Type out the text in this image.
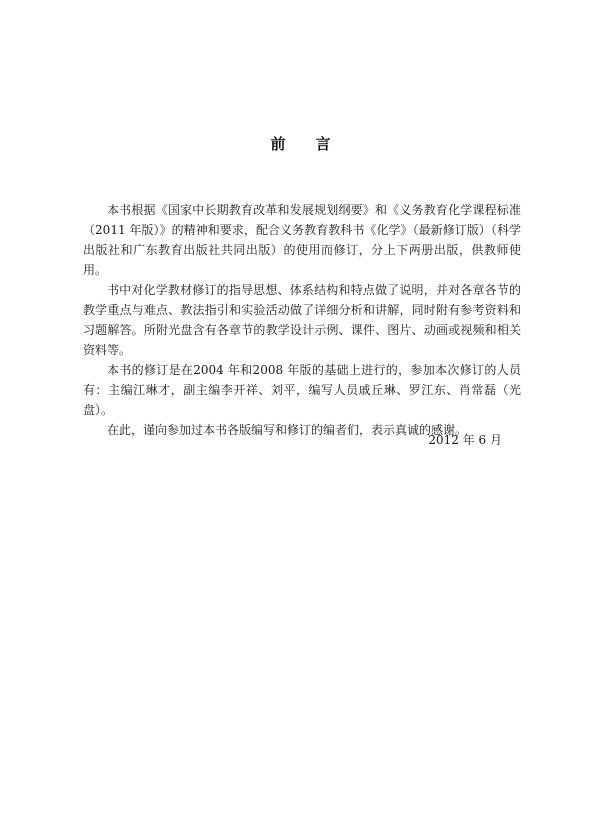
前言

本书根据《国家中长期教育改革和发展规划纲要》和《义务教育化学课程标准（2011 年版）》的精神和要求，配合义务教育教科书《化学》（最新修订版）（科学出版社和广东教育出版社共同出版）的使用而修订，分上下两册出版，供教师使用。

书中对化学教材修订的指导思想、体系结构和特点做了说明，并对各章各节的教学重点与难点、教法指引和实验活动做了详细分析和讲解，同时附有参考资料和习题解答。所附光盘含有各章节的教学设计示例、课件、图片、动画或视频和相关资料等。

本书的修订是在2004 年和2008 年版的基础上进行的，参加本次修订的人员有：主编江琳才，副主编李开祥、刘平，编写人员戚丘琳、罗江东、肖常磊（光盘）。

在此，谨向参加过本书各版编写和修订的编者们，表示真诚的感谢。

2012 年 6 月
